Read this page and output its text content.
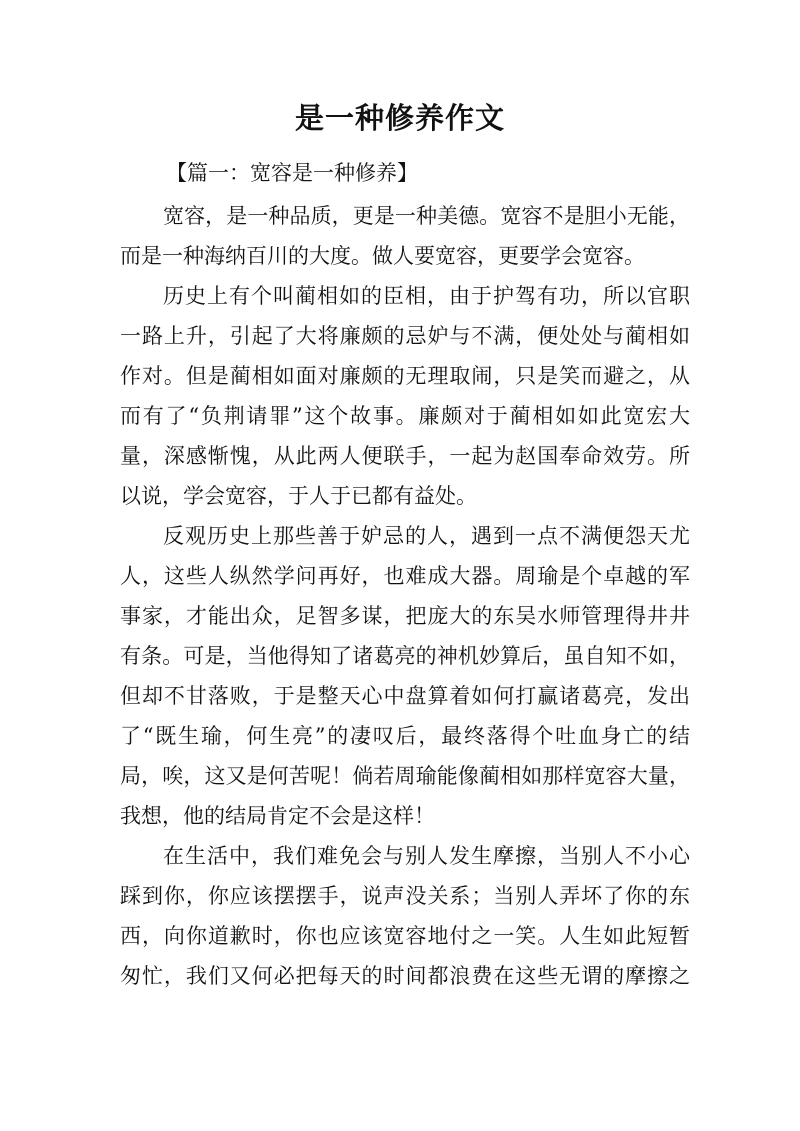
是一种修养作文
【篇一：宽容是一种修养】
宽容，是一种品质，更是一种美德。宽容不是胆小无能，
而是一种海纳百川的大度。做人要宽容，更要学会宽容。
历史上有个叫蔺相如的臣相，由于护驾有功，所以官职
一路上升，引起了大将廉颇的忌妒与不满，便处处与蔺相如
作对。但是蔺相如面对廉颇的无理取闹，只是笑而避之，从
而有了“负荆请罪”这个故事。廉颇对于蔺相如如此宽宏大
量，深感惭愧，从此两人便联手，一起为赵国奉命效劳。所
以说，学会宽容，于人于已都有益处。
反观历史上那些善于妒忌的人，遇到一点不满便怨天尤
人，这些人纵然学问再好，也难成大器。周瑜是个卓越的军
事家，才能出众，足智多谋，把庞大的东吴水师管理得井井
有条。可是，当他得知了诸葛亮的神机妙算后，虽自知不如，
但却不甘落败，于是整天心中盘算着如何打赢诸葛亮，发出
了“既生瑜，何生亮”的凄叹后，最终落得个吐血身亡的结
局，唉，这又是何苦呢！倘若周瑜能像蔺相如那样宽容大量，
我想，他的结局肯定不会是这样！
在生活中，我们难免会与别人发生摩擦，当别人不小心
踩到你，你应该摆摆手，说声没关系；当别人弄坏了你的东
西，向你道歉时，你也应该宽容地付之一笑。人生如此短暂
匆忙，我们又何必把每天的时间都浪费在这些无谓的摩擦之
